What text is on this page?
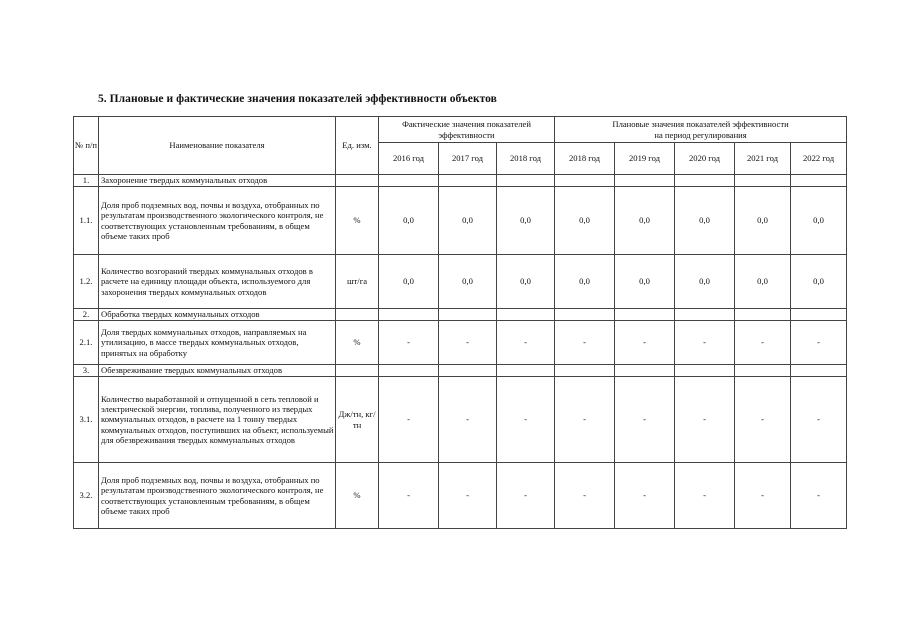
5. Плановые и фактические значения показателей эффективности объектов
№ п/п	Наименование показателя	Ед. изм.	Фактические значения показателей эффективности			Плановые значения показателей эффективности
на период регулирования				
			2016 год	2017 год	2018 год	2018 год	2019 год	2020 год	2021 год	2022 год
1.	Захоронение твердых коммунальных отходов									
1.1.	Доля проб подземных вод, почвы и воздуха, отобранных по результатам производственного экологического контроля, не соответствующих установленным требованиям, в общем объеме таких проб	%	0,0	0,0	0,0	0,0	0,0	0,0	0,0	0,0
1.2.	Количество возгораний твердых коммунальных отходов в расчете на единицу площади объекта, используемого для захоронения твердых коммунальных отходов	шт/га	0,0	0,0	0,0	0,0	0,0	0,0	0,0	0,0
2.	Обработка твердых коммунальных отходов									
2.1.	Доля твердых коммунальных отходов, направляемых на утилизацию, в массе твердых коммунальных отходов, принятых на обработку	%	-	-	-	-	-	-	-	-
3.	Обезвреживание твердых коммунальных отходов									
3.1.	Количество выработанной и отпущенной в сеть тепловой и электрической энергии, топлива, полученного из твердых коммунальных отходов, в расчете на 1 тонну твердых коммунальных отходов, поступивших на объект, используемый для обезвреживания твердых коммунальных отходов	Дж/тн, кг/тн	-	-	-	-	-	-	-	-
3.2.	Доля проб подземных вод, почвы и воздуха, отобранных по результатам производственного экологического контроля, не соответствующих установленным требованиям, в общем объеме таких проб	%	-	-	-	-	-	-	-	-
